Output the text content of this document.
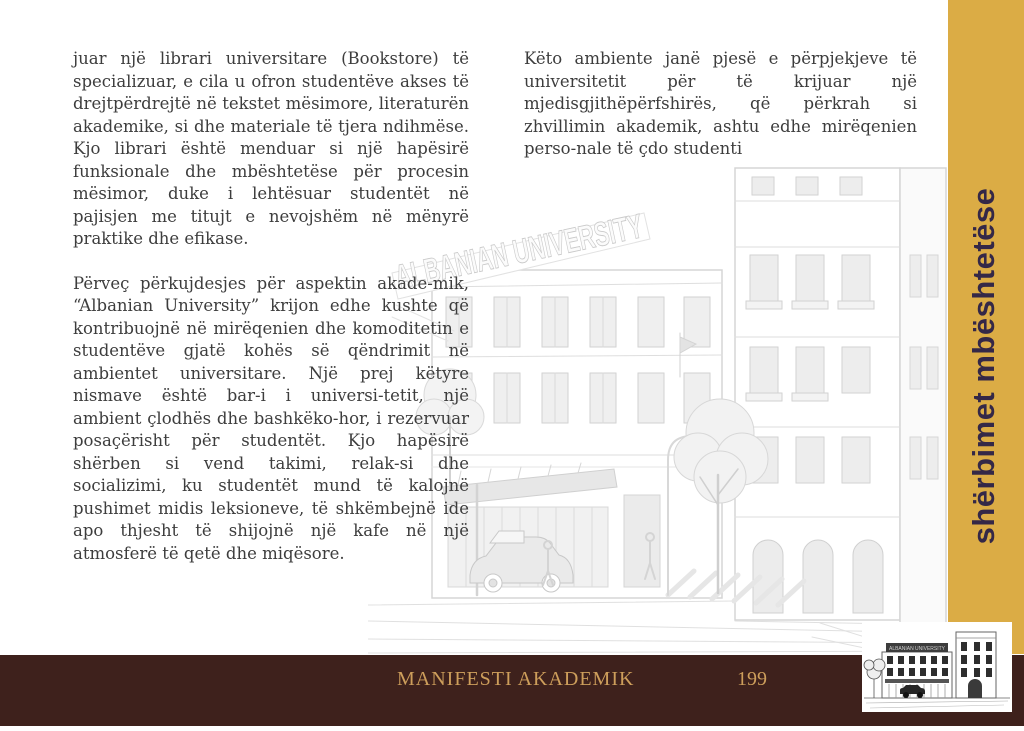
ALBANIAN UNIVERSITY
juar një librari universitare (Bookstore) të specializuar, e cila u ofron studentëve akses të drejtpërdrejtë në tekstet mësimore, literaturën akademike, si dhe materiale të tjera ndihmëse. Kjo librari është menduar si një hapësirë funksionale dhe mbështetëse për procesin mësimor, duke i lehtësuar studentët në pajisjen me titujt e nevojshëm në mënyrë praktike dhe efikase.
Përveç përkujdesjes për aspektin akade-mik, “Albanian University” krijon edhe kushte që kontribuojnë në mirëqenien dhe komoditetin e studentëve gjatë kohës së qëndrimit në ambientet universitare. Një prej këtyre nismave është bar-i i universi-tetit, një ambient çlodhës dhe bashkëko-hor, i rezervuar posaçërisht për studentët. Kjo hapësirë shërben si vend takimi, relak-si dhe socializimi, ku studentët mund të kalojnë pushimet midis leksioneve, të shkëmbejnë ide apo thjesht të shijojnë një kafe në një atmosferë të qetë dhe miqësore.
Këto ambiente janë pjesë e përpjekjeve të universitetit për të krijuar një mjedisgjithëpërfshirës, që përkrah si zhvillimin akademik, ashtu edhe mirëqenien perso-nale të çdo studenti
shërbimet mbështetëse
MANIFESTI AKADEMIK	199
ALBANIAN UNIVERSITY
